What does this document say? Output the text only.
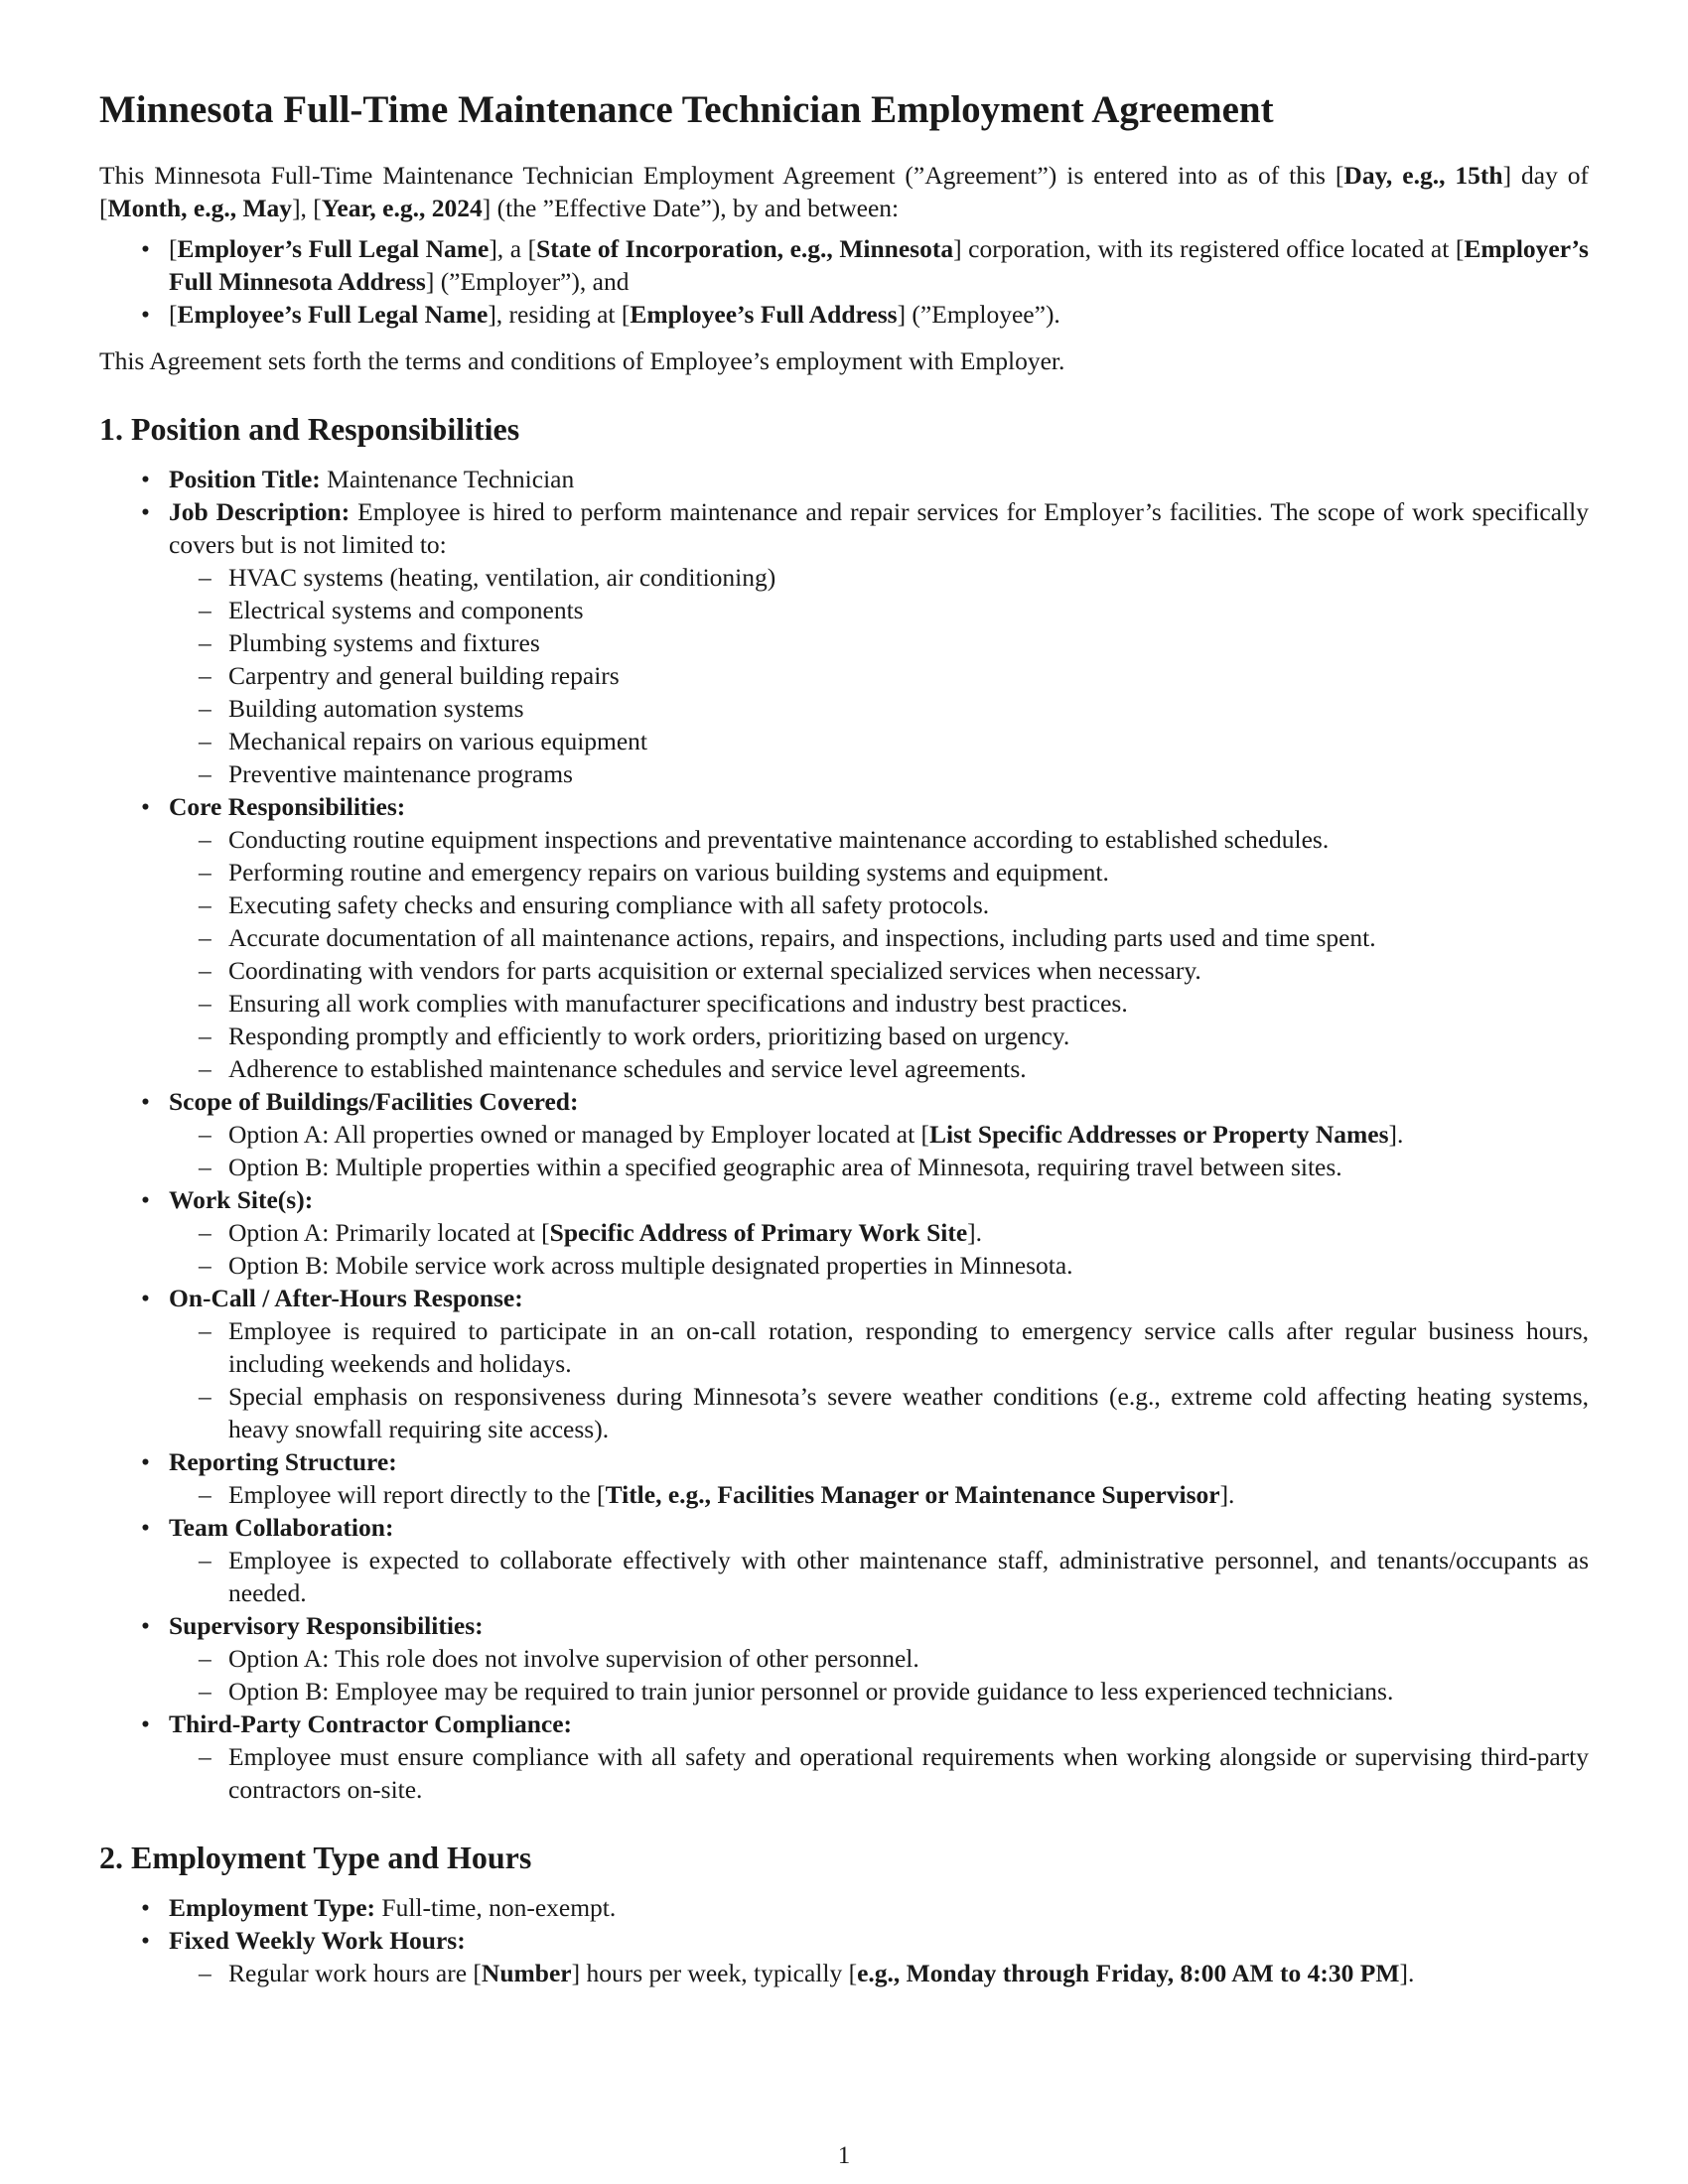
Minnesota Full-Time Maintenance Technician Employment Agreement

This Minnesota Full-Time Maintenance Technician Employment Agreement (”Agreement”) is entered into as of this [Day, e.g., 15th] day of [Month, e.g., May], [Year, e.g., 2024] (the ”Effective Date”), by and between:

• [Employer’s Full Legal Name], a [State of Incorporation, e.g., Minnesota] corporation, with its registered office located at [Employer’s Full Minnesota Address] (”Employer”), and
• [Employee’s Full Legal Name], residing at [Employee’s Full Address] (”Employee”).

This Agreement sets forth the terms and conditions of Employee’s employment with Employer.

1. Position and Responsibilities
• Position Title: Maintenance Technician
• Job Description: Employee is hired to perform maintenance and repair services for Employer’s facilities. The scope of work specifically covers but is not limited to:
– HVAC systems (heating, ventilation, air conditioning)
– Electrical systems and components
– Plumbing systems and fixtures
– Carpentry and general building repairs
– Building automation systems
– Mechanical repairs on various equipment
– Preventive maintenance programs
• Core Responsibilities:
– Conducting routine equipment inspections and preventative maintenance according to established schedules.
– Performing routine and emergency repairs on various building systems and equipment.
– Executing safety checks and ensuring compliance with all safety protocols.
– Accurate documentation of all maintenance actions, repairs, and inspections, including parts used and time spent.
– Coordinating with vendors for parts acquisition or external specialized services when necessary.
– Ensuring all work complies with manufacturer specifications and industry best practices.
– Responding promptly and efficiently to work orders, prioritizing based on urgency.
– Adherence to established maintenance schedules and service level agreements.
• Scope of Buildings/Facilities Covered:
– Option A: All properties owned or managed by Employer located at [List Specific Addresses or Property Names].
– Option B: Multiple properties within a specified geographic area of Minnesota, requiring travel between sites.
• Work Site(s):
– Option A: Primarily located at [Specific Address of Primary Work Site].
– Option B: Mobile service work across multiple designated properties in Minnesota.
• On-Call / After-Hours Response:
– Employee is required to participate in an on-call rotation, responding to emergency service calls after regular business hours, including weekends and holidays.
– Special emphasis on responsiveness during Minnesota’s severe weather conditions (e.g., extreme cold affecting heating systems, heavy snowfall requiring site access).
• Reporting Structure:
– Employee will report directly to the [Title, e.g., Facilities Manager or Maintenance Supervisor].
• Team Collaboration:
– Employee is expected to collaborate effectively with other maintenance staff, administrative personnel, and tenants/occupants as needed.
• Supervisory Responsibilities:
– Option A: This role does not involve supervision of other personnel.
– Option B: Employee may be required to train junior personnel or provide guidance to less experienced technicians.
• Third-Party Contractor Compliance:
– Employee must ensure compliance with all safety and operational requirements when working alongside or supervising third-party contractors on-site.
2. Employment Type and Hours
• Employment Type: Full-time, non-exempt.
• Fixed Weekly Work Hours:
– Regular work hours are [Number] hours per week, typically [e.g., Monday through Friday, 8:00 AM to 4:30 PM].
1
